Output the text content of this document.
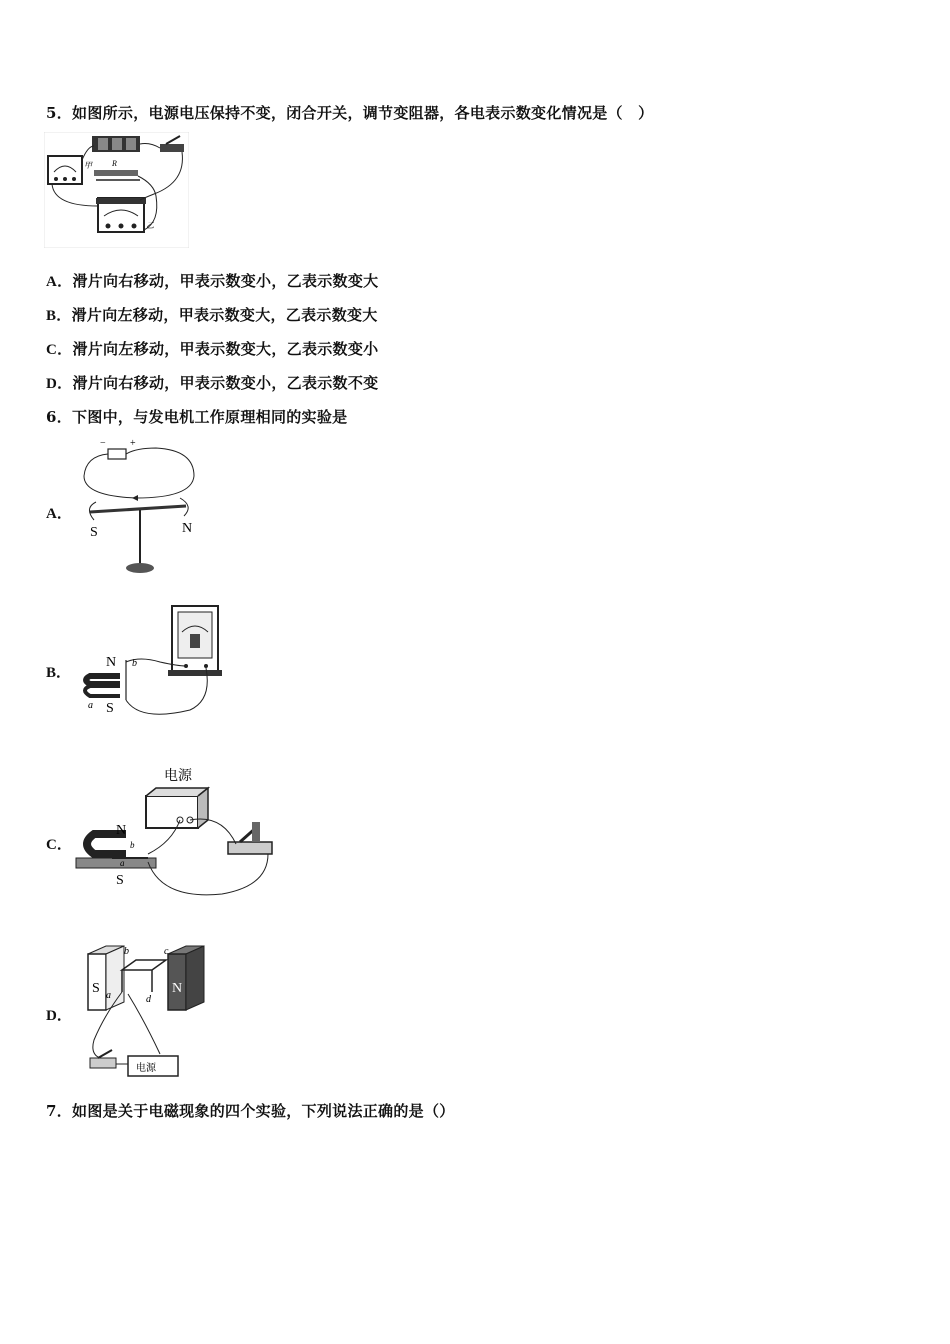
5．如图所示，电源电压保持不变，闭合开关，调节变阻器，各电表示数变化情况是（　）
甲	R
乙
A．滑片向右移动，甲表示数变小，乙表示数变大
B．滑片向左移动，甲表示数变大，乙表示数变大
C．滑片向左移动，甲表示数变大，乙表示数变小
D．滑片向右移动，甲表示数变小，乙表示数不变
6．下图中，与发电机工作原理相同的实验是
A．
− +
S	N
B．
N
S
a
b
C．
电源
N
S
b
a
D．
S	N
b	c
a	d
电源
7．如图是关于电磁现象的四个实验，下列说法正确的是（）
